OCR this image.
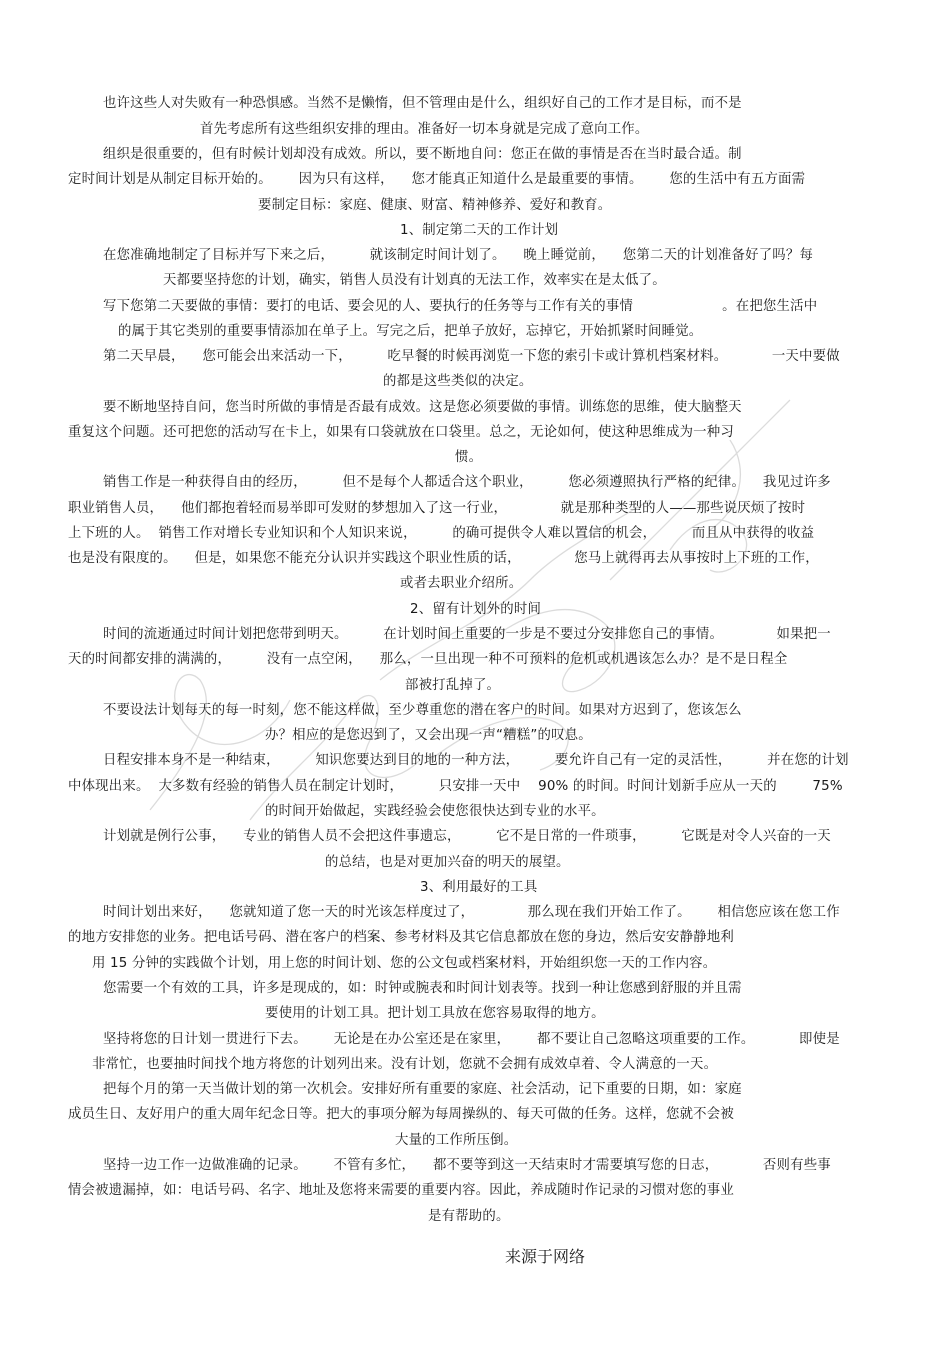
也许这些人对失败有一种恐惧感。当然不是懒惰，但不管理由是什么，组织好自己的工作才是目标，而不是
首先考虑所有这些组织安排的理由。准备好一切本身就是完成了意向工作。
组织是很重要的，但有时候计划却没有成效。所以，要不断地自问：您正在做的事情是否在当时最合适。制
定时间计划是从制定目标开始的。      因为只有这样，    您才能真正知道什么是最重要的事情。      您的生活中有五方面需
要制定目标：家庭、健康、财富、精神修养、爱好和教育。
1、制定第二天的工作计划
在您准确地制定了目标并写下来之后，        就该制定时间计划了。    晚上睡觉前，    您第二天的计划准备好了吗？每
天都要坚持您的计划，确实，销售人员没有计划真的无法工作，效率实在是太低了。
写下您第二天要做的事情：要打的电话、要会见的人、要执行的任务等与工作有关的事情                    。在把您生活中
的属于其它类别的重要事情添加在单子上。写完之后，把单子放好，忘掉它，开始抓紧时间睡觉。
第二天早晨，    您可能会出来活动一下，        吃早餐的时候再浏览一下您的索引卡或计算机档案材料。          一天中要做
的都是这些类似的决定。
要不断地坚持自问，您当时所做的事情是否最有成效。这是您必须要做的事情。训练您的思维，使大脑整天
重复这个问题。还可把您的活动写在卡上，如果有口袋就放在口袋里。总之，无论如何，使这种思维成为一种习
惯。
销售工作是一种获得自由的经历，        但不是每个人都适合这个职业，        您必须遵照执行严格的纪律。    我见过许多
职业销售人员，    他们都抱着轻而易举即可发财的梦想加入了这一行业，            就是那种类型的人——那些说厌烦了按时
上下班的人。  销售工作对增长专业知识和个人知识来说，        的确可提供令人难以置信的机会，        而且从中获得的收益
也是没有限度的。    但是，如果您不能充分认识并实践这个职业性质的话，            您马上就得再去从事按时上下班的工作，
或者去职业介绍所。
2、留有计划外的时间
时间的流逝通过时间计划把您带到明天。        在计划时间上重要的一步是不要过分安排您自己的事情。            如果把一
天的时间都安排的满满的，        没有一点空闲，    那么，一旦出现一种不可预料的危机或机遇该怎么办？是不是日程全
部被打乱掉了。
不要设法计划每天的每一时刻，您不能这样做，至少尊重您的潜在客户的时间。如果对方迟到了，您该怎么
办？相应的是您迟到了，又会出现一声“糟糕”的叹息。
日程安排本身不是一种结束，        知识您要达到目的地的一种方法，        要允许自己有一定的灵活性，        并在您的计划
中体现出来。  大多数有经验的销售人员在制定计划时，        只安排一天中    90% 的时间。时间计划新手应从一天的        75%
的时间开始做起，实践经验会使您很快达到专业的水平。
计划就是例行公事，    专业的销售人员不会把这件事遗忘，        它不是日常的一件琐事，        它既是对令人兴奋的一天
的总结，也是对更加兴奋的明天的展望。
3、利用最好的工具
时间计划出来好，    您就知道了您一天的时光该怎样度过了，            那么现在我们开始工作了。      相信您应该在您工作
的地方安排您的业务。把电话号码、潜在客户的档案、参考材料及其它信息都放在您的身边，然后安安静静地利
用 15 分钟的实践做个计划，用上您的时间计划、您的公文包或档案材料，开始组织您一天的工作内容。
您需要一个有效的工具，许多是现成的，如：时钟或腕表和时间计划表等。找到一种让您感到舒服的并且需
要使用的计划工具。把计划工具放在您容易取得的地方。
坚持将您的日计划一贯进行下去。      无论是在办公室还是在家里，      都不要让自己忽略这项重要的工作。          即使是
非常忙，也要抽时间找个地方将您的计划列出来。没有计划，您就不会拥有成效卓着、令人满意的一天。
把每个月的第一天当做计划的第一次机会。安排好所有重要的家庭、社会活动，记下重要的日期，如：家庭
成员生日、友好用户的重大周年纪念日等。把大的事项分解为每周操纵的、每天可做的任务。这样，您就不会被
大量的工作所压倒。
坚持一边工作一边做准确的记录。      不管有多忙，    都不要等到这一天结束时才需要填写您的日志，          否则有些事
情会被遗漏掉，如：电话号码、名字、地址及您将来需要的重要内容。因此，养成随时作记录的习惯对您的事业
是有帮助的。
来源于网络
